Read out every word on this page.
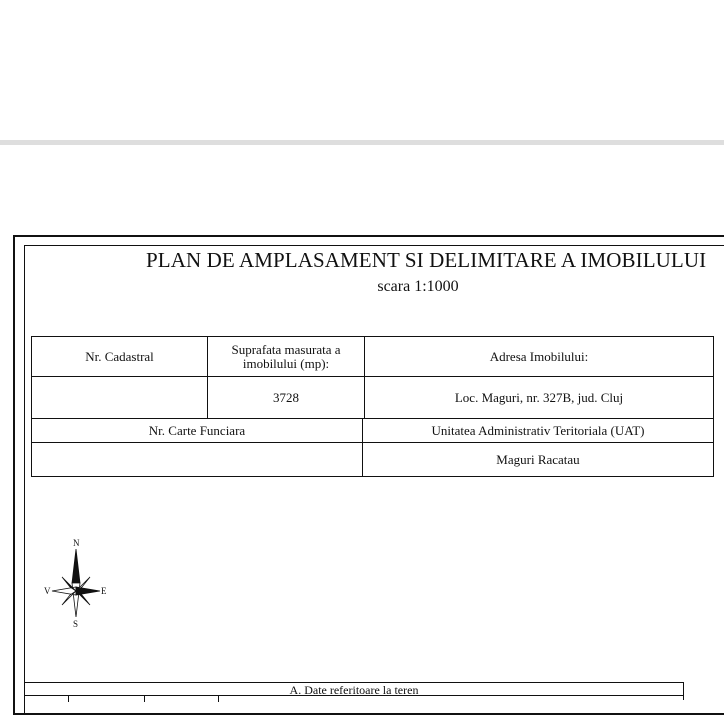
PLAN DE AMPLASAMENT SI DELIMITARE A IMOBILULUI
scara 1:1000
Nr. Cadastral	Suprafata masurata a imobilului (mp):	Adresa Imobilului:
	3728	Loc. Maguri, nr. 327B, jud. Cluj
Nr. Carte Funciara	Unitatea Administrativ Teritoriala (UAT)
	Maguri Racatau
N
S
E
V
A. Date referitoare la teren
